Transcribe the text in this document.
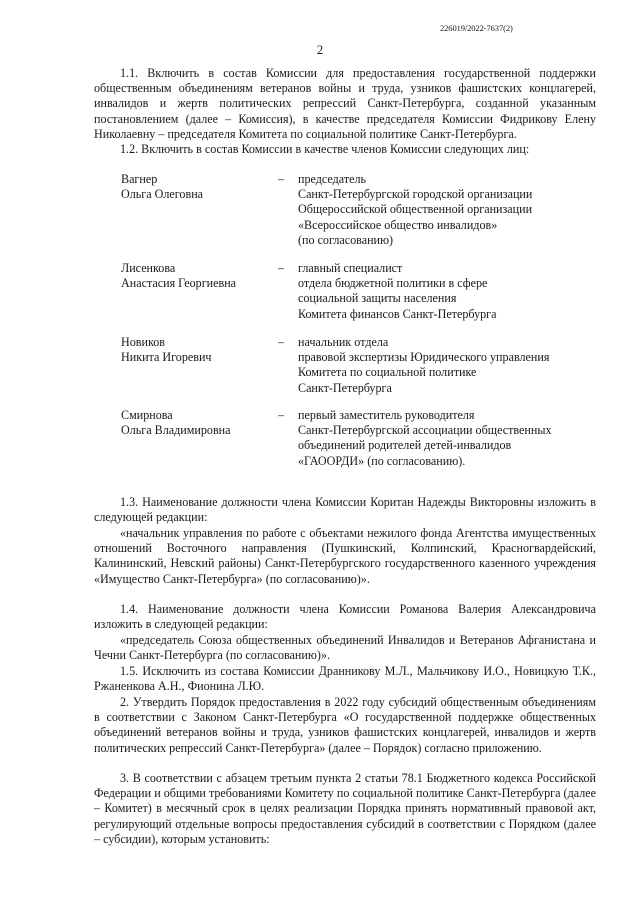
226019/2022-7637(2)
2
1.1. Включить в состав Комиссии для предоставления государственной поддержки общественным объединениям ветеранов войны и труда, узников фашистских концлагерей, инвалидов и жертв политических репрессий Санкт-Петербурга, созданной указанным постановлением (далее – Комиссия), в качестве председателя Комиссии Фидрикову Елену Николаевну – председателя Комитета по социальной политике Санкт-Петербурга.
1.2. Включить в состав Комиссии в качестве членов Комиссии следующих лиц:
Вагнер
Ольга Олеговна
–	председатель
Санкт-Петербургской городской организации
Общероссийской общественной организации
«Всероссийское общество инвалидов»
(по согласованию)
Лисенкова
Анастасия Георгиевна
–	главный специалист
отдела бюджетной политики в сфере
социальной защиты населения
Комитета финансов Санкт-Петербурга
Новиков
Никита Игоревич
–	начальник отдела
правовой экспертизы Юридического управления
Комитета по социальной политике
Санкт-Петербурга
Смирнова
Ольга Владимировна
–	первый заместитель руководителя
Санкт-Петербургской ассоциации общественных
объединений родителей детей-инвалидов
«ГАООРДИ» (по согласованию).
1.3. Наименование должности члена Комиссии Коритан Надежды Викторовны изложить в следующей редакции:
«начальник управления по работе с объектами нежилого фонда Агентства имущественных отношений Восточного направления (Пушкинский, Колпинский, Красногвардейский, Калининский, Невский районы) Санкт-Петербургского государственного казенного учреждения «Имущество Санкт-Петербурга» (по согласованию)».
1.4. Наименование должности члена Комиссии Романова Валерия Александровича изложить в следующей редакции:
«председатель Союза общественных объединений Инвалидов и Ветеранов Афганистана и Чечни Санкт-Петербурга (по согласованию)».
1.5. Исключить из состава Комиссии Дранникову М.Л., Мальчикову И.О., Новицкую Т.К., Ржаненкова А.Н., Фионина Л.Ю.
2. Утвердить Порядок предоставления в 2022 году субсидий общественным объединениям в соответствии с Законом Санкт-Петербурга «О государственной поддержке общественных объединений ветеранов войны и труда, узников фашистских концлагерей, инвалидов и жертв политических репрессий Санкт-Петербурга» (далее – Порядок) согласно приложению.
3. В соответствии с абзацем третьим пункта 2 статьи 78.1 Бюджетного кодекса Российской Федерации и общими требованиями Комитету по социальной политике Санкт-Петербурга (далее – Комитет) в месячный срок в целях реализации Порядка принять нормативный правовой акт, регулирующий отдельные вопросы предоставления субсидий в соответствии с Порядком (далее – субсидии), которым установить:
